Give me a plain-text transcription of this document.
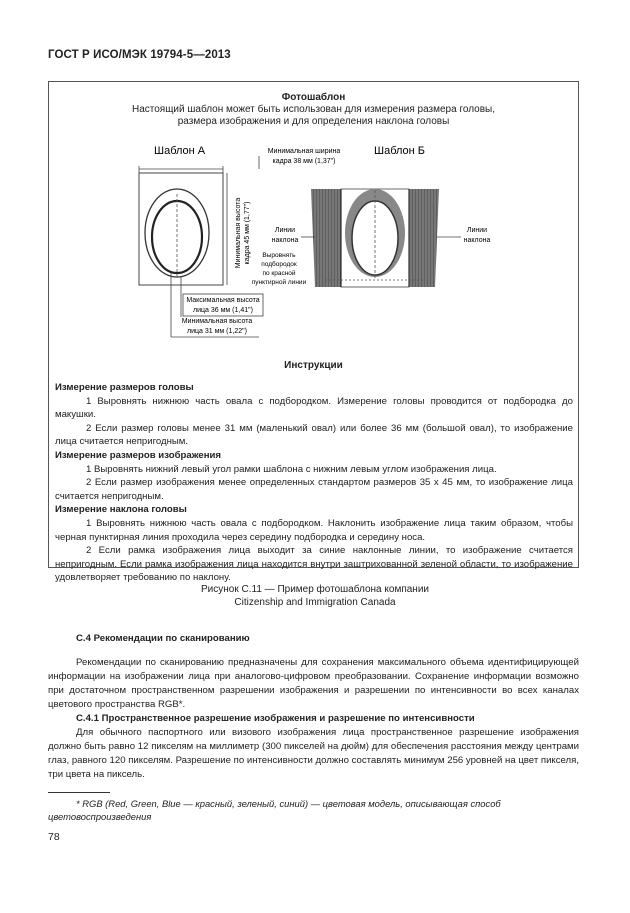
ГОСТ Р ИСО/МЭК 19794-5—2013
Фотошаблон
Настоящий шаблон может быть использован для измерения размера головы,
размера изображения и для определения наклона головы
Шаблон А	Минимальная ширина
кадра 38 мм (1,37")
Минимальная высота кадра 45 мм (1,77")
Максимальная высота
лица 36 мм (1,41")
Минимальная высота
лица 31 мм (1,22")
Шаблон Б
Линии
наклона
Линии
наклона
Выровнять
подбородок
по красной
пунктирной линии
Инструкции

Измерение размеров головы

1 Выровнять нижнюю часть овала с подбородком. Измерение головы проводится от подбородка до макушки.

2 Если размер головы менее 31 мм (маленький овал) или более 36 мм (большой овал), то изображение лица считается непригодным.

Измерение размеров изображения

1 Выровнять нижний левый угол рамки шаблона с нижним левым углом изображения лица.

2 Если размер изображения менее определенных стандартом размеров 35 х 45 мм, то изображение лица считается непригодным.

Измерение наклона головы

1 Выровнять нижнюю часть овала с подбородком. Наклонить изображение лица таким образом, чтобы черная пунктирная линия проходила через середину подбородка и середину носа.

2 Если рамка изображения лица выходит за синие наклонные линии, то изображение считается непригодным. Если рамка изображения лица находится внутри заштрихованной зеленой области, то изображение удовлетворяет требованию по наклону.

Рисунок С.11 — Пример фотошаблона компании
Citizenship and Immigration Canada

С.4 Рекомендации по сканированию

Рекомендации по сканированию предназначены для сохранения максимального объема идентифицирующей информации на изображении лица при аналогово-цифровом преобразовании. Сохранение информации возможно при достаточном пространственном разрешении изображения и разрешении по интенсивности во всех каналах цветового пространства RGB*.

С.4.1 Пространственное разрешение изображения и разрешение по интенсивности

Для обычного паспортного или визового изображения лица пространственное разрешение изображения должно быть равно 12 пикселям на миллиметр (300 пикселей на дюйм) для обеспечения расстояния между центрами глаз, равного 120 пикселям. Разрешение по интенсивности должно составлять минимум 256 уровней на цвет пикселя, три цвета на пиксель.

* RGB (Red, Green, Blue — красный, зеленый, синий) — цветовая модель, описывающая способ цветовоспроизведения
78
